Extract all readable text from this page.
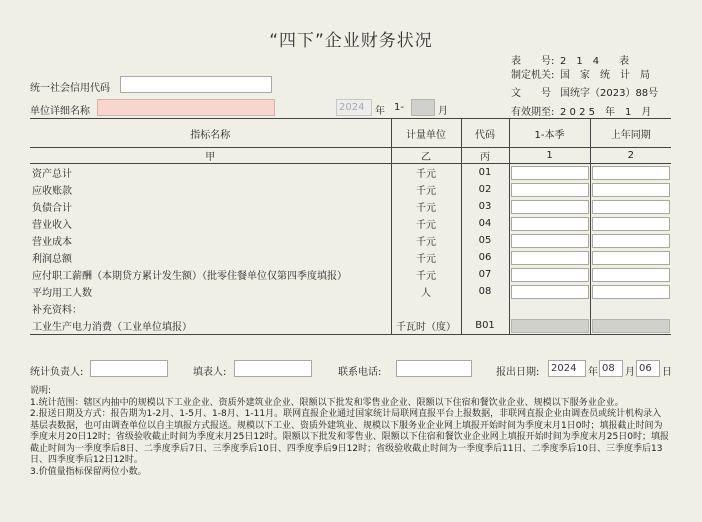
“四下”企业财务状况
表　　号: 2　1　4　　表
制定机关: 国　家　统　计　局
文　　号 国统字（2023）88号
有效期至: 2 0 2 5　年　1　月
统一社会信用代码
单位详细名称	2024	年 1-	月
指标名称	计量单位	代码	1-本季	上年同期
甲	乙	丙	1	2
资产总计	千元	01	

应收账款	千元	02	

负债合计	千元	03	

营业收入	千元	04	

营业成本	千元	05	

利润总额	千元	06	

应付职工薪酬（本期贷方累计发生额）（批零住餐单位仅第四季度填报）	千元	07	

平均用工人数	人	08	

补充资料：				
工业生产电力消费（工业单位填报）	千瓦时（度）	B01	

统计负责人:	填表人:	联系电话:	报出日期:	2024	年 08	月 06	日

说明:

1.统计范围：辖区内抽中的规模以下工业企业、资质外建筑业企业、限额以下批发和零售业企业、限额以下住宿和餐饮业企业、规模以下服务业企业。

2.报送日期及方式：报告期为1-2月、1-5月、1-8月、1-11月。联网直报企业通过国家统计局联网直报平台上报数据，非联网直报企业由调查员或统计机构录入基层表数据，也可由调查单位以自主填报方式报送。规模以下工业、资质外建筑业、规模以下服务业企业网上填报开始时间为季度末月1日0时；填报截止时间为季度末月20日12时；省级验收截止时间为季度末月25日12时。限额以下批发和零售业、限额以下住宿和餐饮业企业网上填报开始时间为季度末月25日0时；填报截止时间为一季度季后8日、二季度季后7日、三季度季后10日、四季度季后9日12时；省级验收截止时间为一季度季后11日、二季度季后10日、三季度季后13日、四季度季后12日12时。

3.价值量指标保留两位小数。
